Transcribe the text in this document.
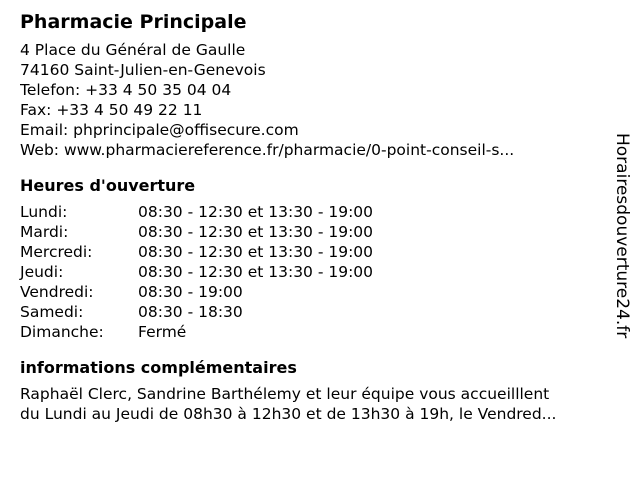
Pharmacie Principale
4 Place du Général de Gaulle
74160 Saint-Julien-en-Genevois
Telefon: +33 4 50 35 04 04
Fax: +33 4 50 49 22 11
Email: phprincipale@offisecure.com
Web: www.pharmaciereference.fr/pharmacie/0-point-conseil-s...
Heures d'ouverture
Lundi:	08:30 - 12:30 et 13:30 - 19:00
Mardi:	08:30 - 12:30 et 13:30 - 19:00
Mercredi:	08:30 - 12:30 et 13:30 - 19:00
Jeudi:	08:30 - 12:30 et 13:30 - 19:00
Vendredi:	08:30 - 19:00
Samedi:	08:30 - 18:30
Dimanche:	Fermé
informations complémentaires
Raphaël Clerc, Sandrine Barthélemy et leur équipe vous accueilllent
du Lundi au Jeudi de 08h30 à 12h30 et de 13h30 à 19h, le Vendred...
Horairesdouverture24.fr
